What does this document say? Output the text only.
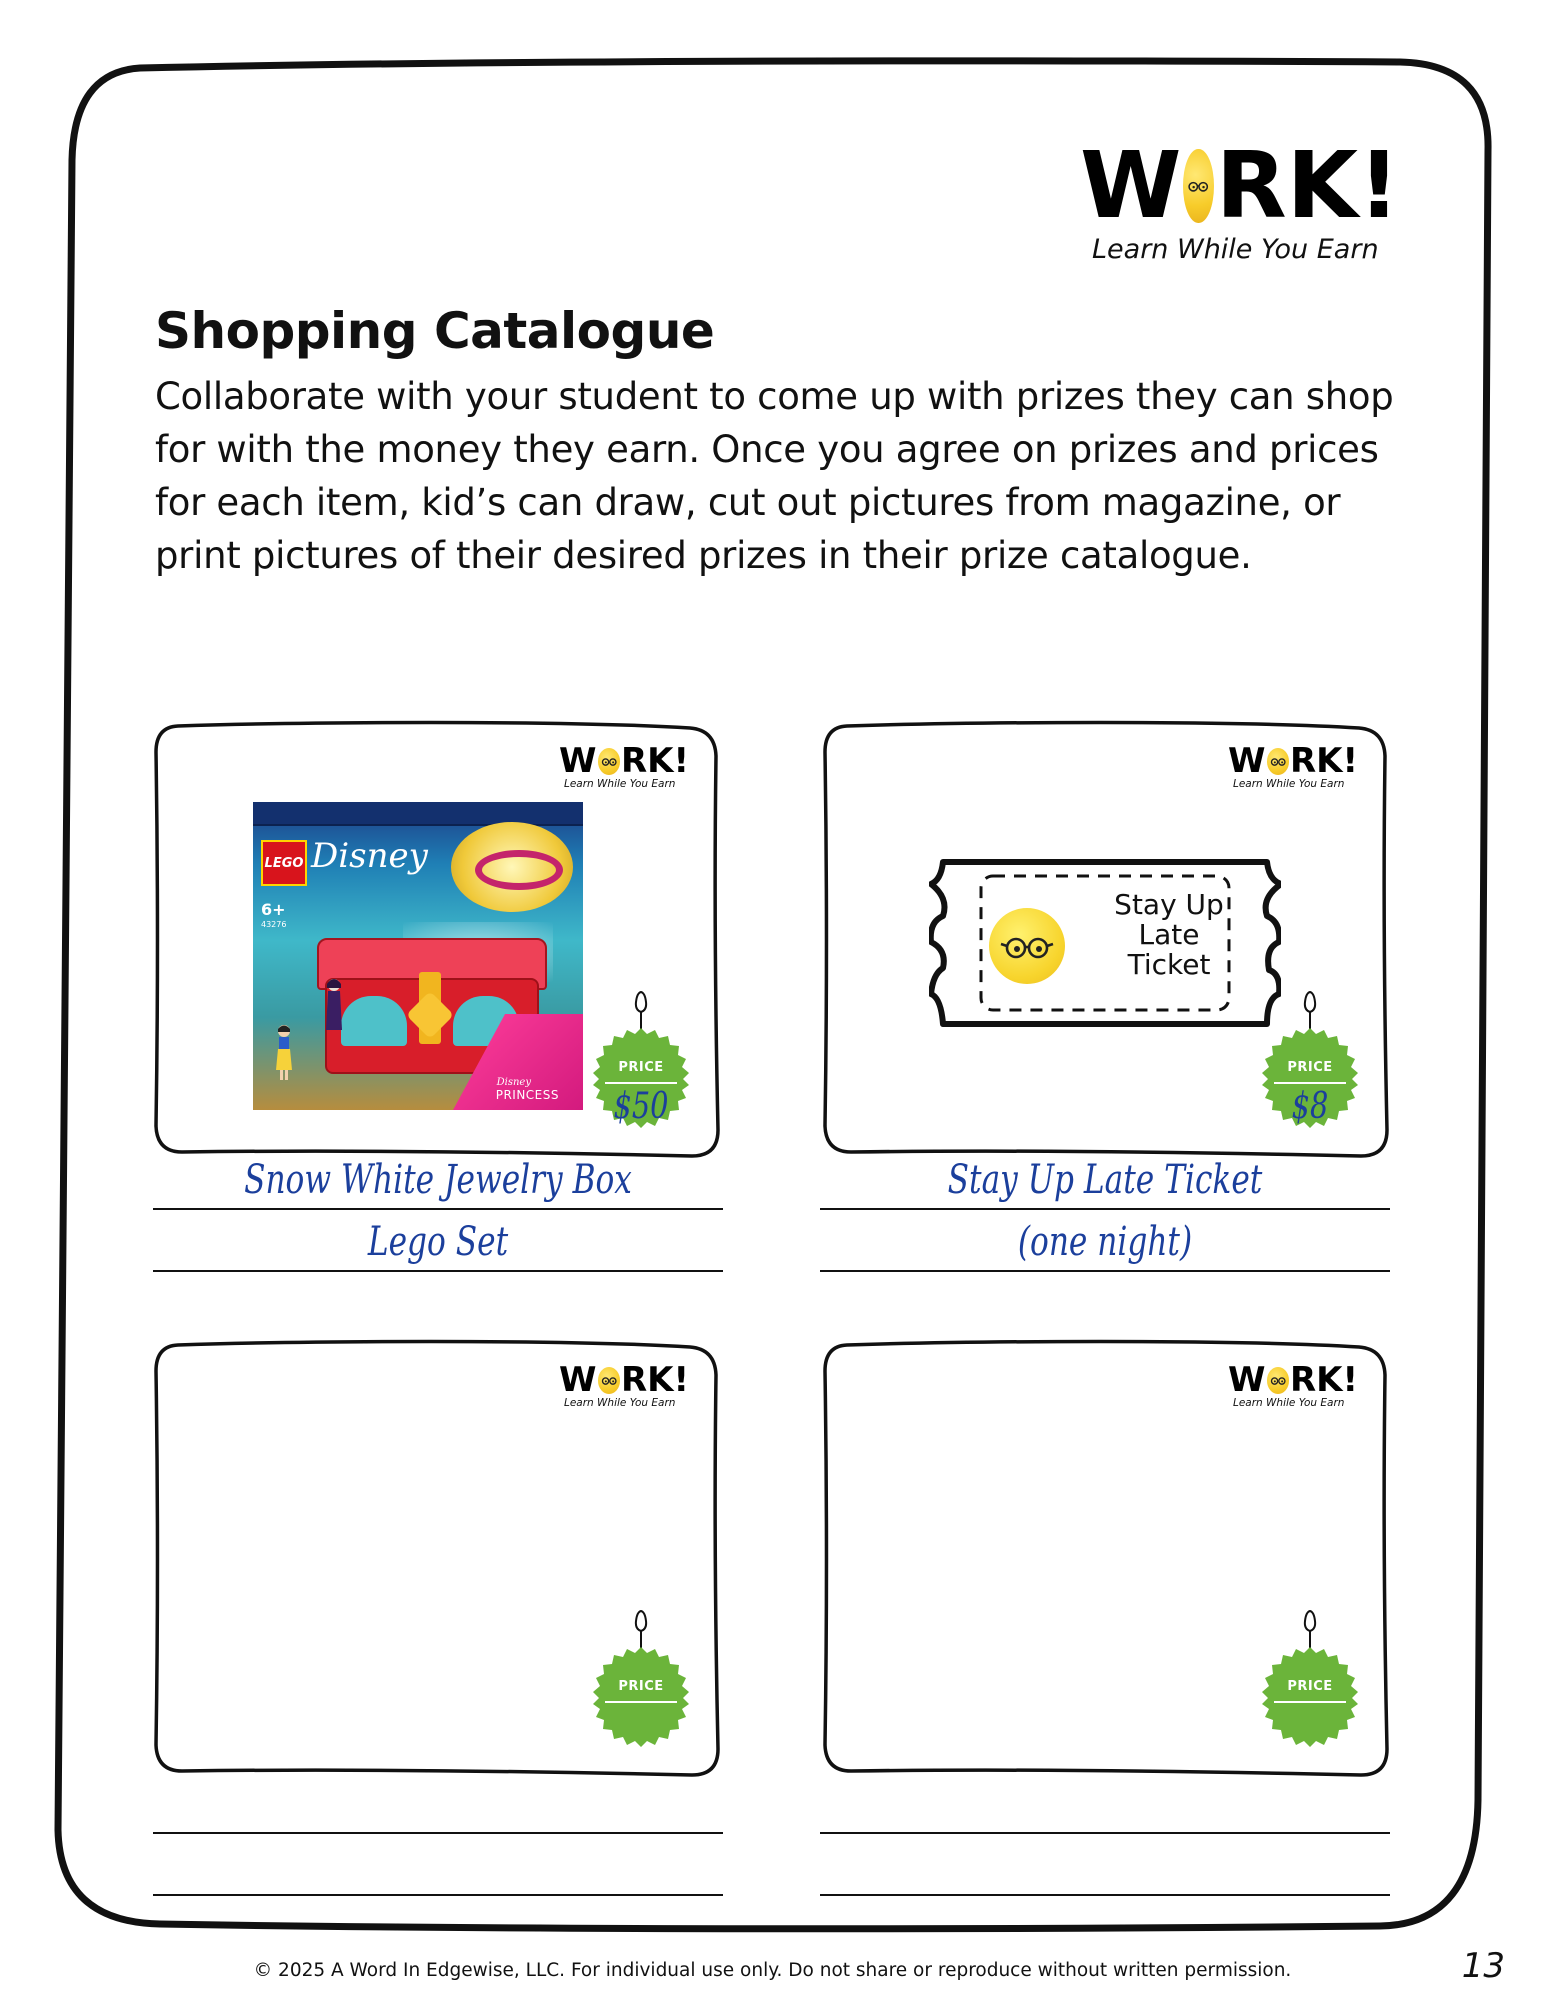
W RK!
Learn While You Earn
Shopping Catalogue

Collaborate with your student to come up with prizes they can shop for with the money they earn. Once you agree on prizes and prices for each item, kid’s can draw, cut out pictures from magazine, or print pictures of their desired prizes in their prize catalogue.

W RK!
Learn While You Earn
LEGO Disney
6+
43276
Disney
PRINCESS
PRICE
$50
W RK!
Learn While You Earn
Stay Up
Late
Ticket
PRICE
$8
W RK!
Learn While You Earn
PRICE
W RK!
Learn While You Earn
PRICE
Snow White Jewelry Box
Lego Set
Stay Up Late Ticket
(one night)
© 2025 A Word In Edgewise, LLC. For individual use only. Do not share or reproduce without written permission.	13
